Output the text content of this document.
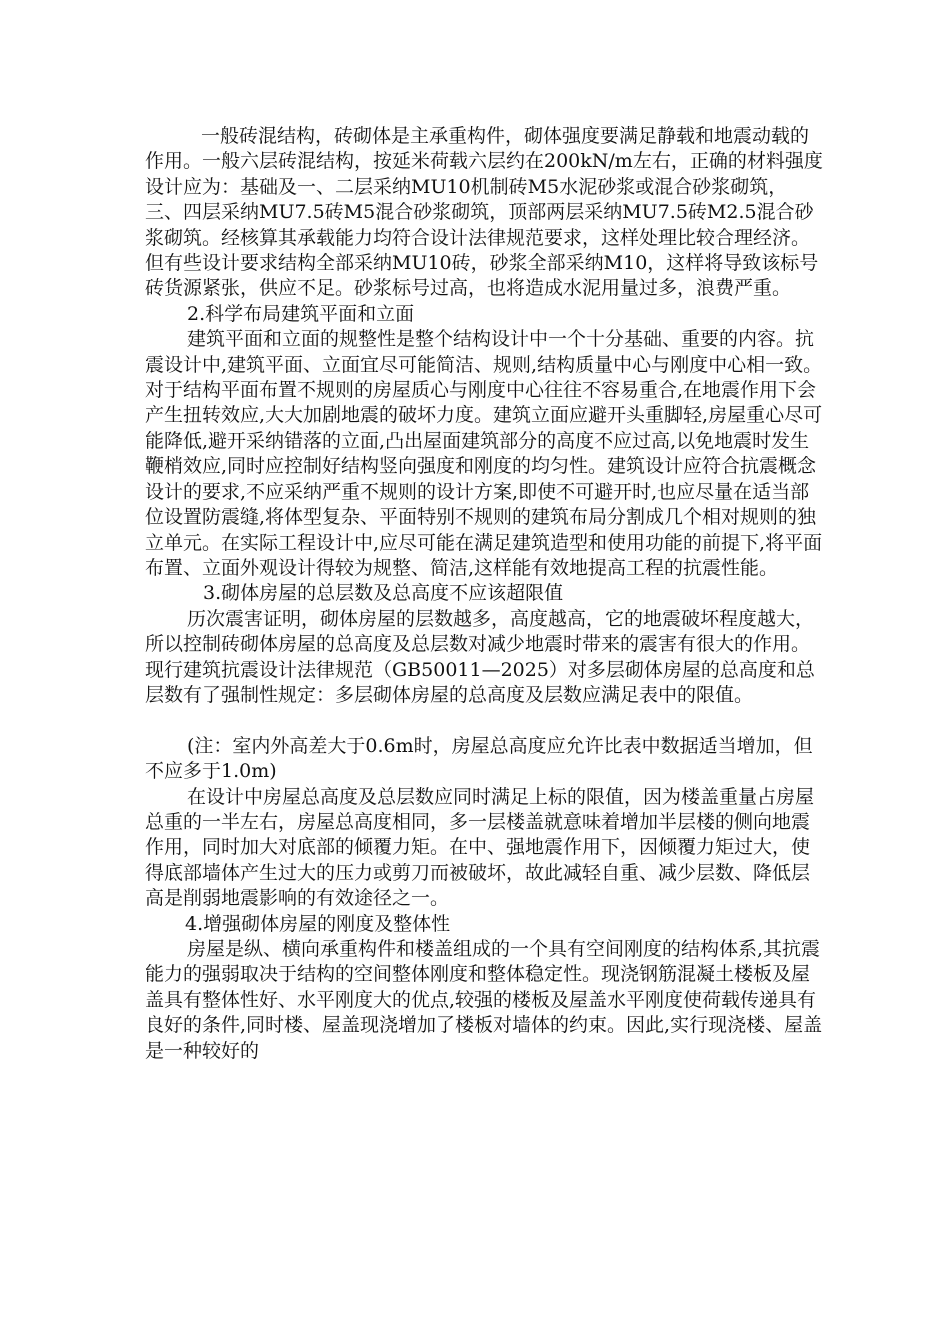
一般砖混结构，砖砌体是主承重构件，砌体强度要满足静载和地震动载的作用。一般六层砖混结构，按延米荷载六层约在200kN/m左右，正确的材料强度设计应为：基础及一、二层采纳MU10机制砖M5水泥砂浆或混合砂浆砌筑，三、四层采纳MU7.5砖M5混合砂浆砌筑，顶部两层采纳MU7.5砖M2.5混合砂浆砌筑。经核算其承载能力均符合设计法律规范要求，这样处理比较合理经济。但有些设计要求结构全部采纳MU10砖，砂浆全部采纳M10，这样将导致该标号砖货源紧张，供应不足。砂浆标号过高，也将造成水泥用量过多，浪费严重。

2.科学布局建筑平面和立面

建筑平面和立面的规整性是整个结构设计中一个十分基础、重要的内容。抗震设计中,建筑平面、立面宜尽可能简洁、规则,结构质量中心与刚度中心相一致。对于结构平面布置不规则的房屋质心与刚度中心往往不容易重合,在地震作用下会产生扭转效应,大大加剧地震的破坏力度。建筑立面应避开头重脚轻,房屋重心尽可能降低,避开采纳错落的立面,凸出屋面建筑部分的高度不应过高,以免地震时发生鞭梢效应,同时应控制好结构竖向强度和刚度的均匀性。建筑设计应符合抗震概念设计的要求,不应采纳严重不规则的设计方案,即使不可避开时,也应尽量在适当部位设置防震缝,将体型复杂、平面特别不规则的建筑布局分割成几个相对规则的独立单元。在实际工程设计中,应尽可能在满足建筑造型和使用功能的前提下,将平面布置、立面外观设计得较为规整、简洁,这样能有效地提高工程的抗震性能。

3.砌体房屋的总层数及总高度不应该超限值

历次震害证明，砌体房屋的层数越多，高度越高，它的地震破坏程度越大，所以控制砖砌体房屋的总高度及总层数对减少地震时带来的震害有很大的作用。现行建筑抗震设计法律规范（GB50011—2025）对多层砌体房屋的总高度和总层数有了强制性规定：多层砌体房屋的总高度及层数应满足表中的限值。

(注：室内外高差大于0.6m时，房屋总高度应允许比表中数据适当增加，但不应多于1.0m)

在设计中房屋总高度及总层数应同时满足上标的限值，因为楼盖重量占房屋总重的一半左右，房屋总高度相同，多一层楼盖就意味着增加半层楼的侧向地震作用，同时加大对底部的倾覆力矩。在中、强地震作用下，因倾覆力矩过大，使得底部墙体产生过大的压力或剪刀而被破坏，故此减轻自重、减少层数、降低层高是削弱地震影响的有效途径之一。

4.增强砌体房屋的刚度及整体性

房屋是纵、横向承重构件和楼盖组成的一个具有空间刚度的结构体系,其抗震能力的强弱取决于结构的空间整体刚度和整体稳定性。现浇钢筋混凝土楼板及屋盖具有整体性好、水平刚度大的优点,较强的楼板及屋盖水平刚度使荷载传递具有良好的条件,同时楼、屋盖现浇增加了楼板对墙体的约束。因此,实行现浇楼、屋盖是一种较好的
